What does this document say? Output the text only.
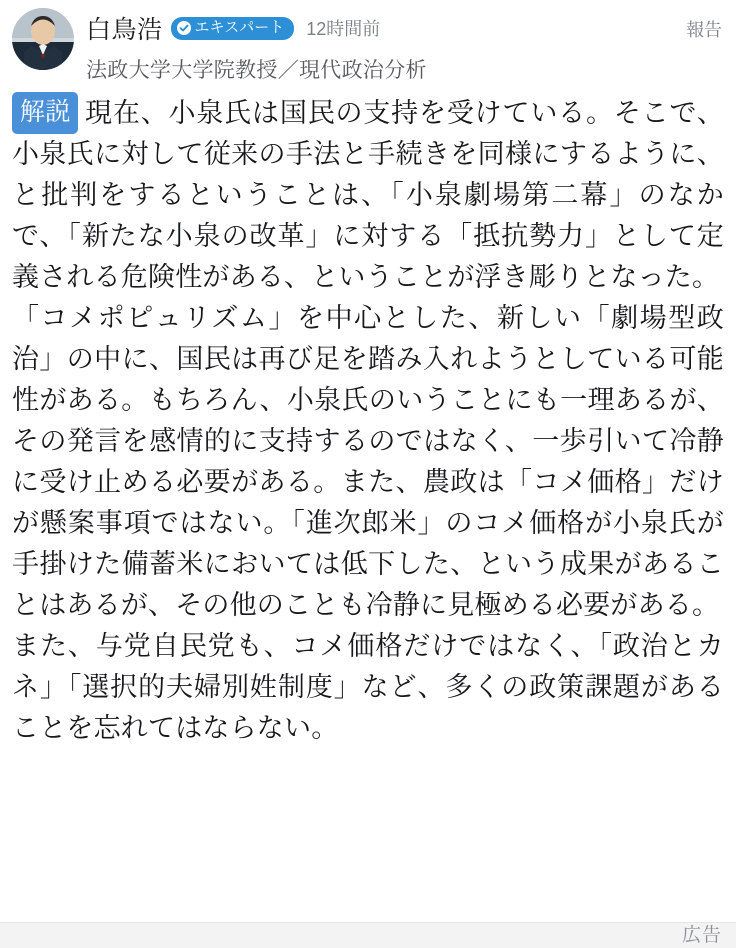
白鳥浩 エキスパート 12時間前	報告
法政大学大学院教授／現代政治分析

解説 現在、小泉氏は国民の支持を受けている。そこで、小泉氏に対して従来の手法と手続きを同様にするように、と批判をするということは、「小泉劇場第二幕」のなかで、「新たな小泉の改革」に対する「抵抗勢力」として定義される危険性がある、ということが浮き彫りとなった。

「コメポピュリズム」を中心とした、新しい「劇場型政治」の中に、国民は再び足を踏み入れようとしている可能性がある。もちろん、小泉氏のいうことにも一理あるが、その発言を感情的に支持するのではなく、一歩引いて冷静に受け止める必要がある。また、農政は「コメ価格」だけが懸案事項ではない。「進次郎米」のコメ価格が小泉氏が手掛けた備蓄米においては低下した、という成果があることはあるが、その他のことも冷静に見極める必要がある。

また、与党自民党も、コメ価格だけではなく、「政治とカネ」「選択的夫婦別姓制度」など、多くの政策課題があることを忘れてはならない。

広告
